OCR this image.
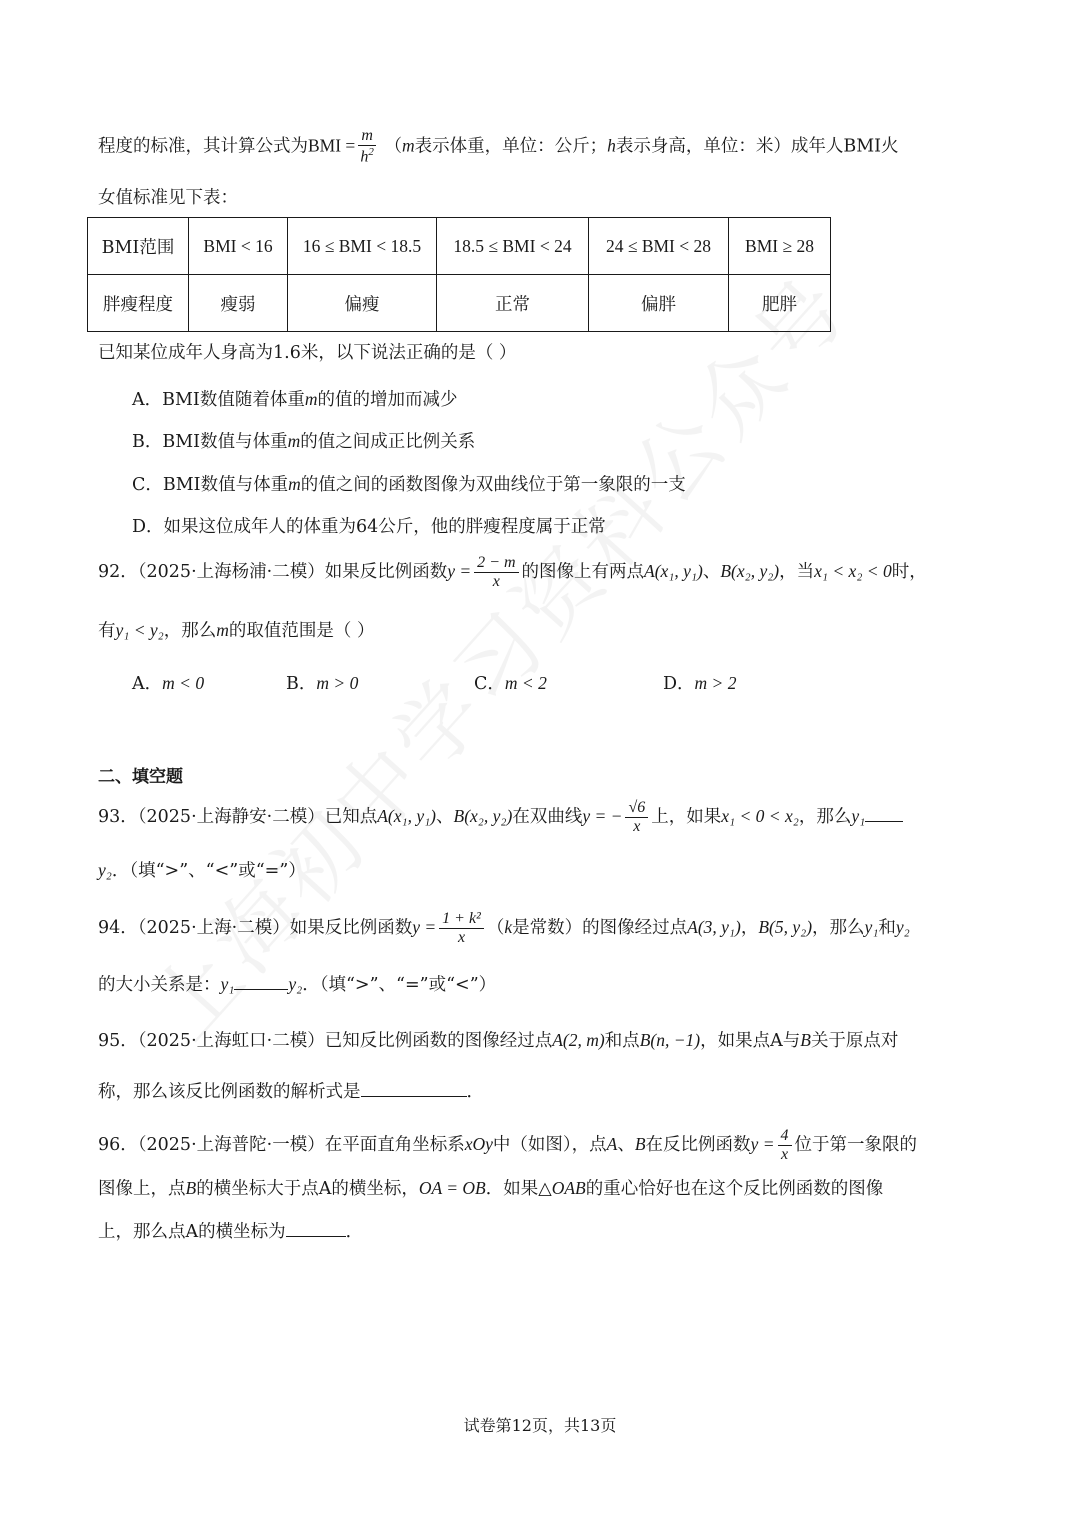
程度的标准，其计算公式为BMI = $\frac{m}{h^2} (m$表示体重，单位：公斤；h表示身高，单位：米）成年人BMI火
女值标准见下表：
BMI范围	BMI < 16	16 ≤ BMI < 18.5	18.5 ≤ BMI < 24	24 ≤ BMI < 28	BMI ≥ 28
胖瘦程度	瘦弱	偏瘦	正常	偏胖	肥胖
已知某位成年人身高为1.6米，以下说法正确的是（ ）
A．BMI数值随着体重m的值的增加而减少
B．BMI数值与体重m的值之间成正比例关系
C．BMI数值与体重m的值之间的函数图像为双曲线位于第一象限的一支
D．如果这位成年人的体重为64公斤，他的胖瘦程度属于正常
92．（2025·上海杨浦·二模）如果反比例函数$y = \frac{2 - m}{x}$ 的图像上有两点A(x₁, y₁)、B(x₂, y₂)，当x₁ < x₂ < 0时，
有y₁ < y₂，那么m的取值范围是（ ）
A．m < 0	B．m > 0	C．m < 2	D．m > 2
二、填空题
93．（2025·上海静安·二模）已知点A(x₁, y₁)、B(x₂, y₂)在双曲线y = − $\frac{√6}{x}$ 上，如果x₁ < 0 < x₂，那么y₁
y₂．（填“>”、“<”或“=”）
94．（2025·上海·二模）如果反比例函数$y = \frac{\text{1 + k²}}{x} (k$是常数）的图像经过点A(3, y₁)，B(5, y₂)，那么y₁和y₂
的大小关系是：y₁	y₂．（填“>”、“=”或“<”）
95．（2025·上海虹口·二模）已知反比例函数的图像经过点A(2, m)和点B(n, −1)，如果点A与B关于原点对
称，那么该反比例函数的解析式是	．
96．（2025·上海普陀·一模）在平面直角坐标系xOy中（如图），点A、B在反比例函数$y = \frac{4}{x}$ 位于第一象限的
图像上，点B的横坐标大于点A的横坐标，OA = OB．如果△OAB的重心恰好也在这个反比例函数的图像
上，那么点A的横坐标为	．
试卷第12页，共13页
